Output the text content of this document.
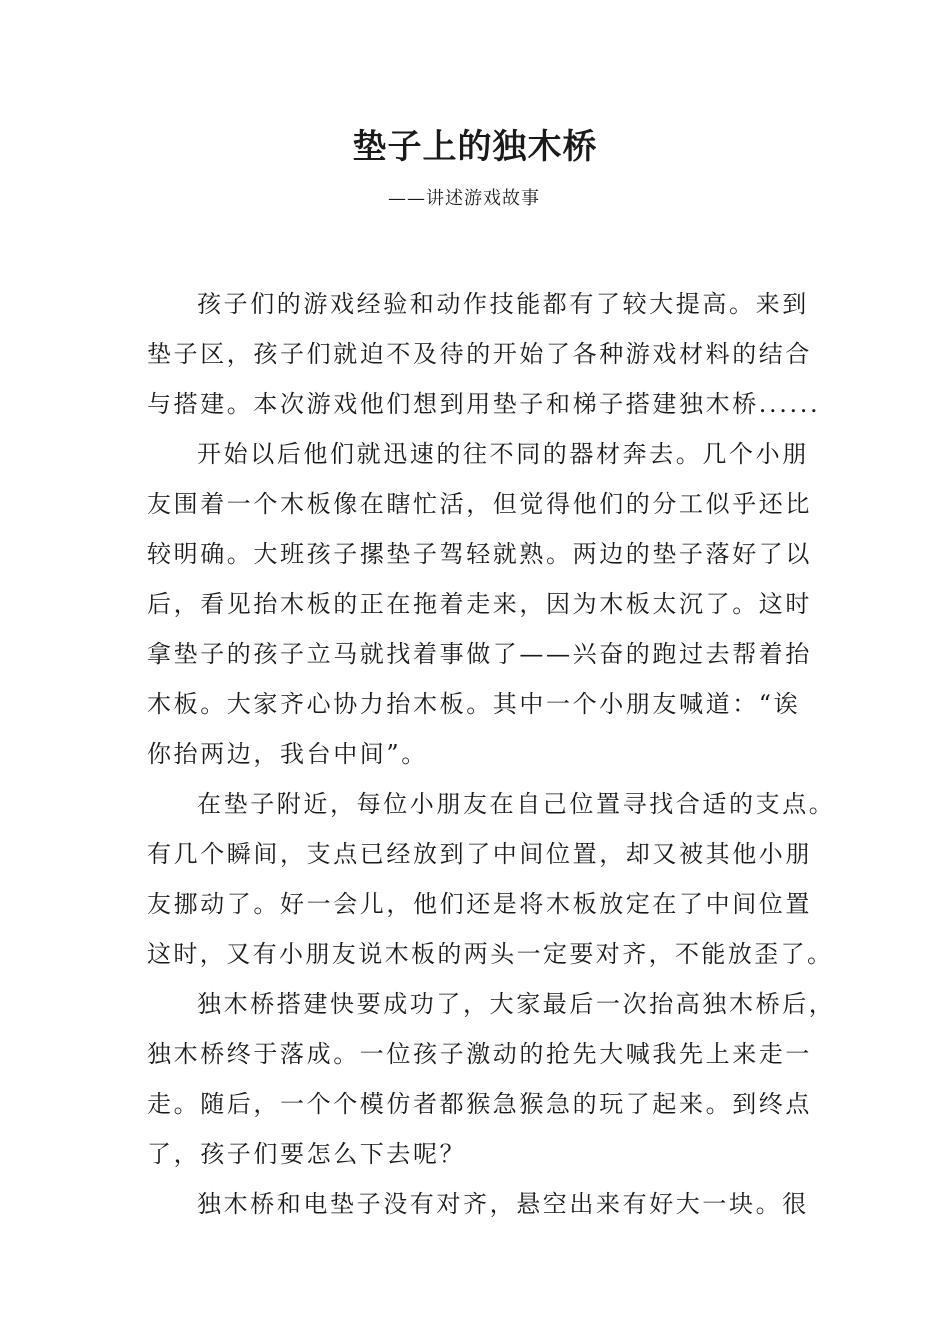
垫子上的独木桥
——讲述游戏故事
孩子们的游戏经验和动作技能都有了较大提高。来到
垫子区，孩子们就迫不及待的开始了各种游戏材料的结合
与搭建。本次游戏他们想到用垫子和梯子搭建独木桥......
开始以后他们就迅速的往不同的器材奔去。几个小朋
友围着一个木板像在瞎忙活，但觉得他们的分工似乎还比
较明确。大班孩子摞垫子驾轻就熟。两边的垫子落好了以
后，看见抬木板的正在拖着走来，因为木板太沉了。这时
拿垫子的孩子立马就找着事做了——兴奋的跑过去帮着抬
木板。大家齐心协力抬木板。其中一个小朋友喊道：“诶
你抬两边，我台中间”。
在垫子附近，每位小朋友在自己位置寻找合适的支点。
有几个瞬间，支点已经放到了中间位置，却又被其他小朋
友挪动了。好一会儿，他们还是将木板放定在了中间位置
这时，又有小朋友说木板的两头一定要对齐，不能放歪了。
独木桥搭建快要成功了，大家最后一次抬高独木桥后，
独木桥终于落成。一位孩子激动的抢先大喊我先上来走一
走。随后，一个个模仿者都猴急猴急的玩了起来。到终点
了，孩子们要怎么下去呢？
独木桥和电垫子没有对齐，悬空出来有好大一块。很
